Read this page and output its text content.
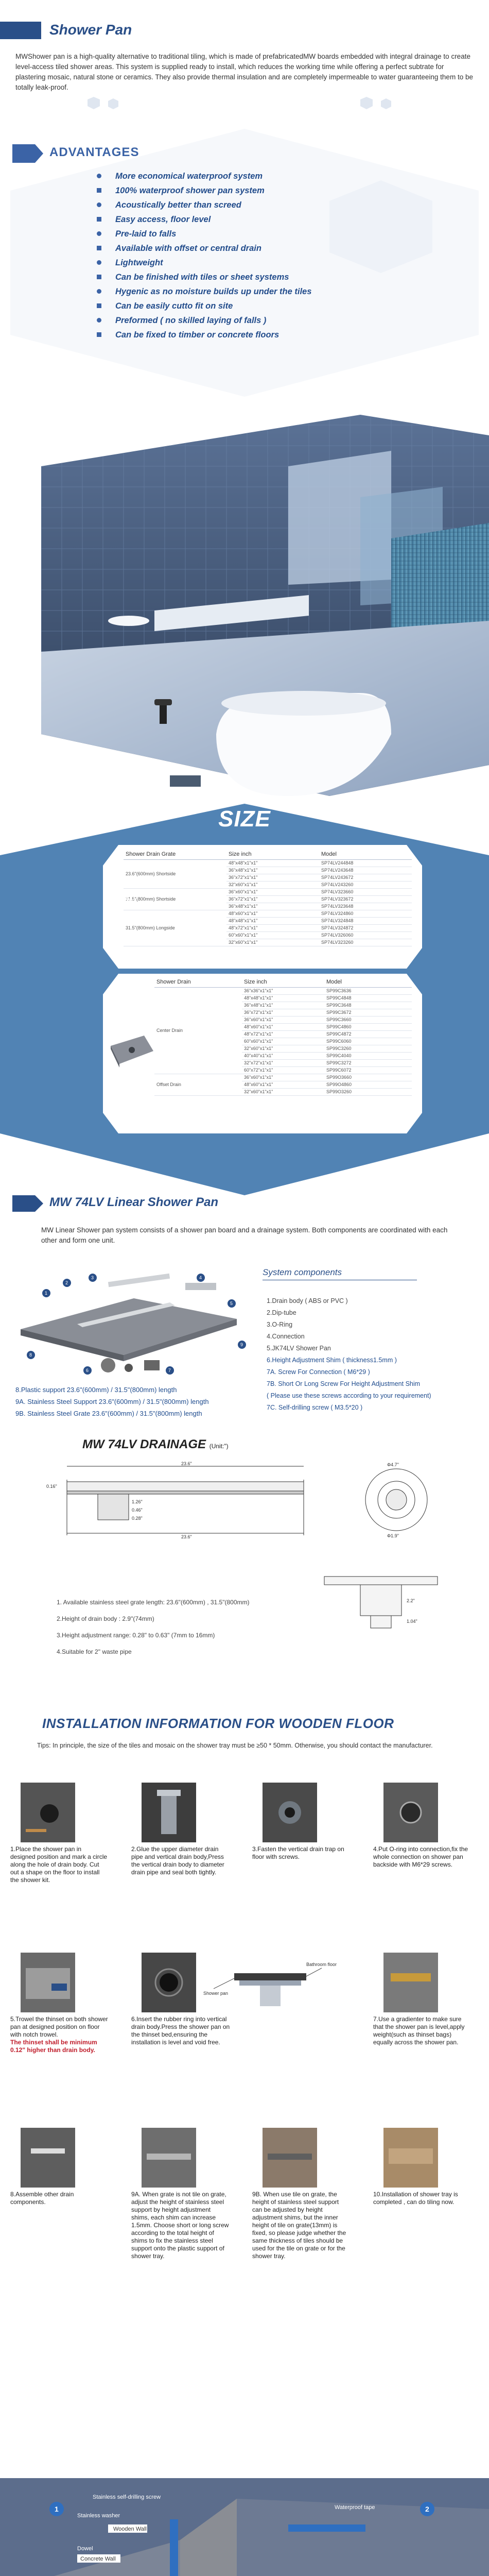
Shower Pan

MWShower pan is a high-quality alternative to traditional tiling, which is made of prefabricatedMW boards embedded with integral drainage to create level-access tiled shower areas. This system is supplied ready to install, which reduces the working time while offering a perfect subtrate for plastering mosaic, natural stone or ceramics. They also provide thermal insulation and are completely impermeable to water guaranteeing them to be totally leak-proof.

ADVANTAGES
More economical waterproof system
100% waterproof shower pan system
Acoustically better than screed
Easy access, floor level
Pre-laid to falls
Available with offset or central drain
Lightweight
Can be finished with tiles or sheet systems
Hygenic as no moisture builds up under the tiles
Can be easily cutto fit on site
Preformed ( no skilled laying of falls )
Can be fixed to timber or concrete floors
SIZE
Shower Drain Grate	Size inch	Model
23.6"(600mm) Shortside	48"x48"x1"x1"	SP74LV244848
	36"x48"x1"x1"	SP74LV243648
	36"x72"x1"x1"	SP74LV243672
	32"x60"x1"x1"	SP74LV243260
31.5"(800mm) Shortside	36"x60"x1"x1"	SP74LV323660
	36"x72"x1"x1"	SP74LV323672
	36"x48"x1"x1"	SP74LV323648
31.5"(800mm) Longside	48"x60"x1"x1"	SP74LV324860
	48"x48"x1"x1"	SP74LV324848
	48"x72"x1"x1"	SP74LV324872
	60"x60"x1"x1"	SP74LV326060
	32"x60"x1"x1"	SP74LV323260
MW74LV
Shower Drain	Size inch	Model
Center Drain	36"x36"x1"x1"	SP99C3636
	48"x48"x1"x1"	SP99C4848
	36"x48"x1"x1"	SP99C3648
	36"x72"x1"x1"	SP99C3672
	36"x60"x1"x1"	SP99C3660
	48"x60"x1"x1"	SP99C4860
	48"x72"x1"x1"	SP99C4872
	60"x60"x1"x1"	SP99C6060
	32"x60"x1"x1"	SP99C3260
	40"x40"x1"x1"	SP99C4040
	32"x72"x1"x1"	SP99C3272
	60"x72"x1"x1"	SP99C6072
Offset Drain	36"x60"x1"x1"	SP99O3660
	48"x60"x1"x1"	SP99O4860
	32"x60"x1"x1"	SP99O3260
MW99
MW 74LV Linear Shower Pan

MW Linear Shower pan system consists of a shower pan board and a drainage system. Both components are coordinated with each other and form one unit.

1
2
3	4
5
6	7
8
9
System components
1.Drain body ( ABS or PVC )
2.Dip-tube
3.O-Ring
4.Connection
5.JK74LV Shower Pan
6.Height Adjustment Shim ( thickness1.5mm )
7A. Screw For Connection ( M6*29 )
7B. Short Or Long Screw For Height Adjustment Shim
( Please use these screws according to your requirement)
7C. Self-drilling screw ( M3.5*20 )
8.Plastic support 23.6"(600mm) / 31.5"(800mm) length
9A. Stainless Steel Support 23.6"(600mm) / 31.5"(800mm) length
9B. Stainless Steel Grate 23.6"(600mm) / 31.5"(800mm) length
MW 74LV DRAINAGE (Unit:")
23.6"
23.6"
1.26"
0.46"
0.28"
0.16"
Φ4.7"
Φ1.9"
2.2"
1.04"
1. Available stainless steel grate length: 23.6"(600mm) , 31.5"(800mm)
2.Height of drain body : 2.9"(74mm)
3.Height adjustment range: 0.28" to 0.63" (7mm to 16mm)
4.Suitable for 2" waste pipe
INSTALLATION INFORMATION FOR WOODEN FLOOR

Tips: In principle, the size of the tiles and mosaic on the shower tray must be ≥50 * 50mm. Otherwise, you should contact the manufacturer.

1.Place the shower pan in designed position and mark a circle along the hole of drain body. Cut out a shape on the floor to install the shower kit.

2.Glue the upper diameter drain pipe and vertical drain body,Press the vertical drain body to diameter drain pipe and seal both tightly.

3.Fasten the vertical drain trap on floor with screws.

4.Put O-ring into connection,fix the whole connection on shower pan backside with M6*29 screws.

5.Trowel the thinset on both shower pan at designed position on floor with notch trowel.
The thinset shall be minimum 0.12" higher than drain body.

Bathroom floor
Shower pan

6.Insert the rubber ring into vertical drain body.Press the shower pan on the thinset bed,ensuring the installation is level and void free.

7.Use a gradienter to make sure that the shower pan is level,apply weight(such as thinset bags) equally across the shower pan.

8.Assemble other drain components.

9A. When grate is not tile on grate, adjust the height of stainless steel support by height adjustment shims, each shim can increase 1.5mm. Choose short or long screw according to the total height of shims to fix the stainless steel support onto the plastic support of shower tray.

9B. When use tile on grate, the height of stainless steel support can be adjusted by height adjustment shims, but the inner height of tile on grate(13mm) is fixed, so please judge whether the same thickness of tiles should be used for the tile on grate or for the shower tray.

10.Installation of shower tray is completed , can do tiling now.

Stainless self-drilling screw
Stainless washer
Wooden Wall
Dowel
Concrete Wall
Waterproof tape
1	2
